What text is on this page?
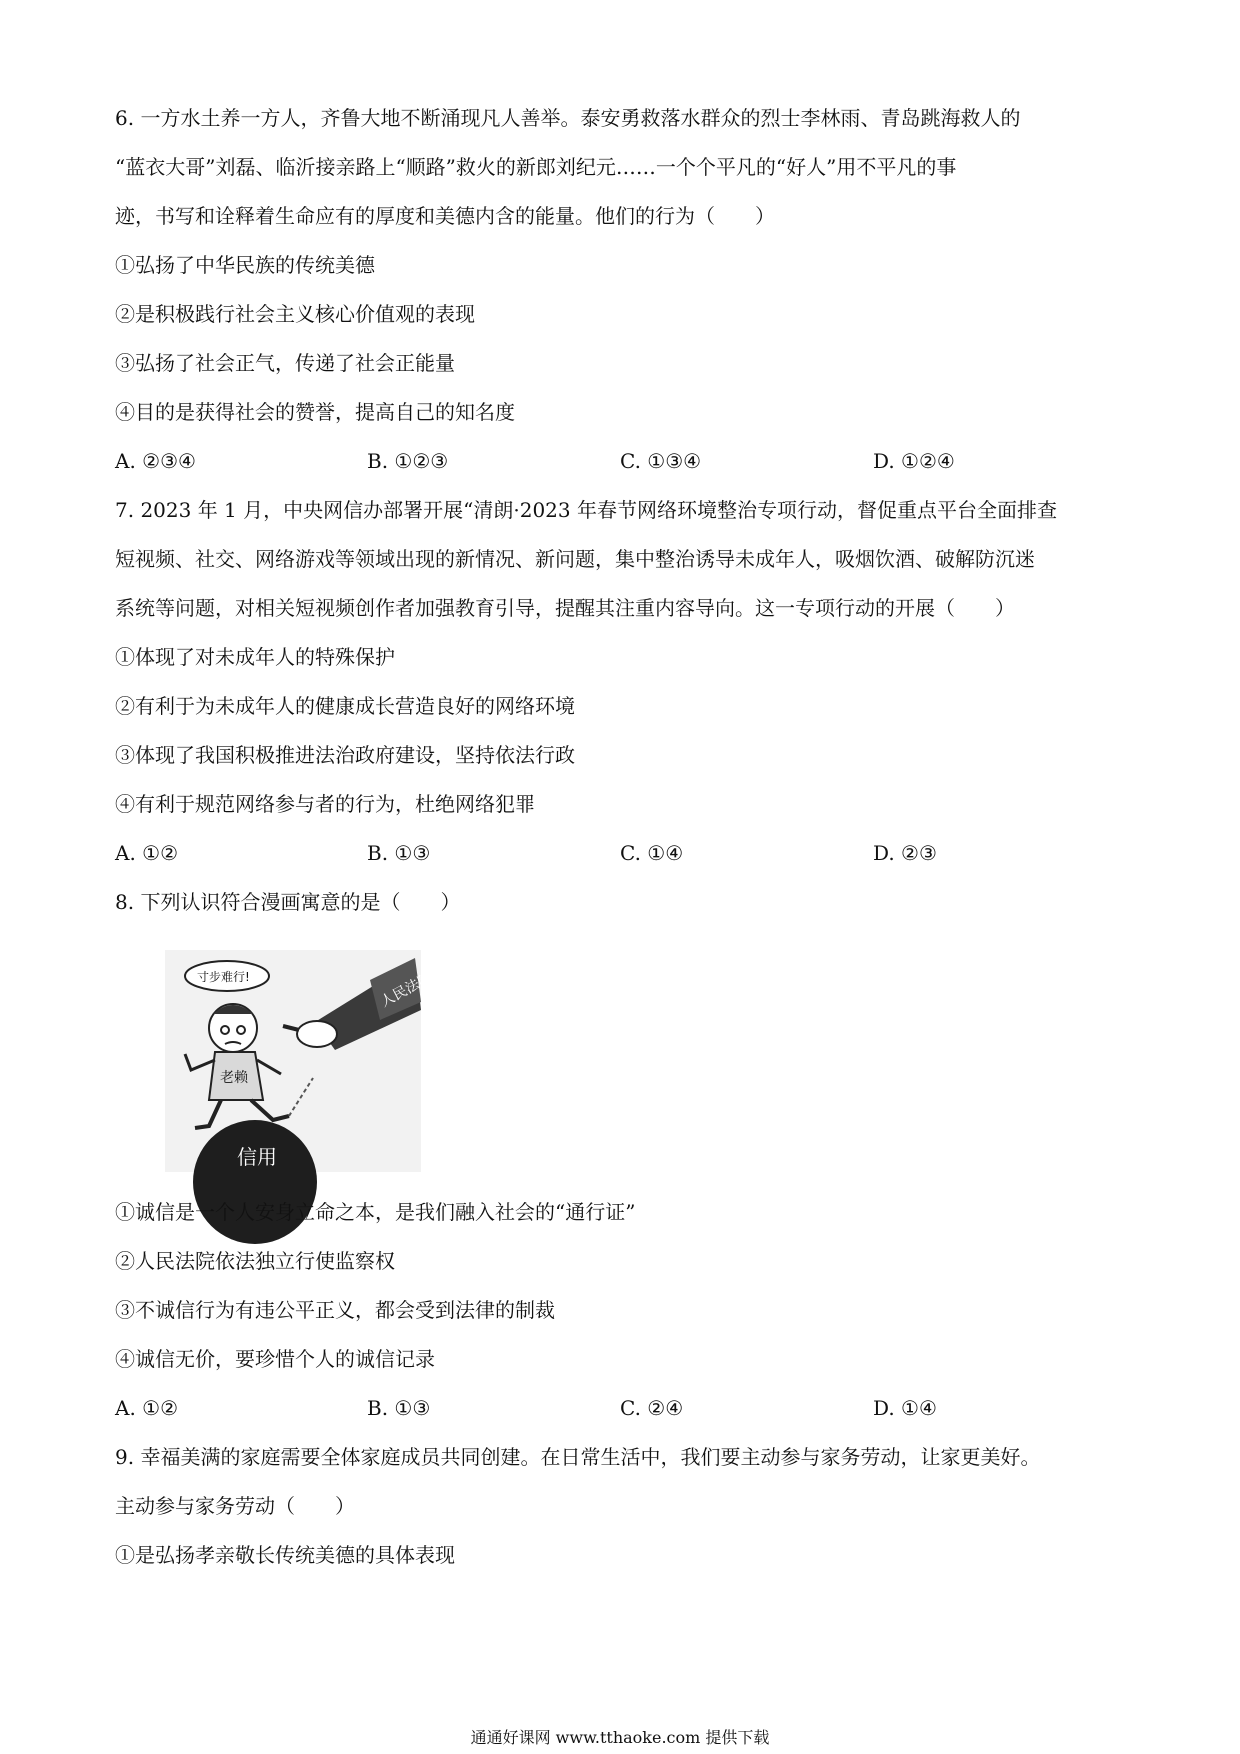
6. 一方水土养一方人，齐鲁大地不断涌现凡人善举。泰安勇救落水群众的烈士李林雨、青岛跳海救人的
“蓝衣大哥”刘磊、临沂接亲路上“顺路”救火的新郎刘纪元……一个个平凡的“好人”用不平凡的事
迹，书写和诠释着生命应有的厚度和美德内含的能量。他们的行为（　　）
①弘扬了中华民族的传统美德
②是积极践行社会主义核心价值观的表现
③弘扬了社会正气，传递了社会正能量
④目的是获得社会的赞誉，提高自己的知名度
A. ②③④	B. ①②③	C. ①③④	D. ①②④
7. 2023 年 1 月，中央网信办部署开展“清朗·2023 年春节网络环境整治专项行动，督促重点平台全面排查
短视频、社交、网络游戏等领域出现的新情况、新问题，集中整治诱导未成年人，吸烟饮酒、破解防沉迷
系统等问题，对相关短视频创作者加强教育引导，提醒其注重内容导向。这一专项行动的开展（　　）
①体现了对未成年人的特殊保护
②有利于为未成年人的健康成长营造良好的网络环境
③体现了我国积极推进法治政府建设，坚持依法行政
④有利于规范网络参与者的行为，杜绝网络犯罪
A. ①②	B. ①③	C. ①④	D. ②③
8. 下列认识符合漫画寓意的是（　　）
人民法院
寸步难行!
老赖
信用
①诚信是一个人安身立命之本，是我们融入社会的“通行证”
②人民法院依法独立行使监察权
③不诚信行为有违公平正义，都会受到法律的制裁
④诚信无价，要珍惜个人的诚信记录
A. ①②	B. ①③	C. ②④	D. ①④
9. 幸福美满的家庭需要全体家庭成员共同创建。在日常生活中，我们要主动参与家务劳动，让家更美好。
主动参与家务劳动（　　）
①是弘扬孝亲敬长传统美德的具体表现
通通好课网 www.tthaoke.com 提供下载
